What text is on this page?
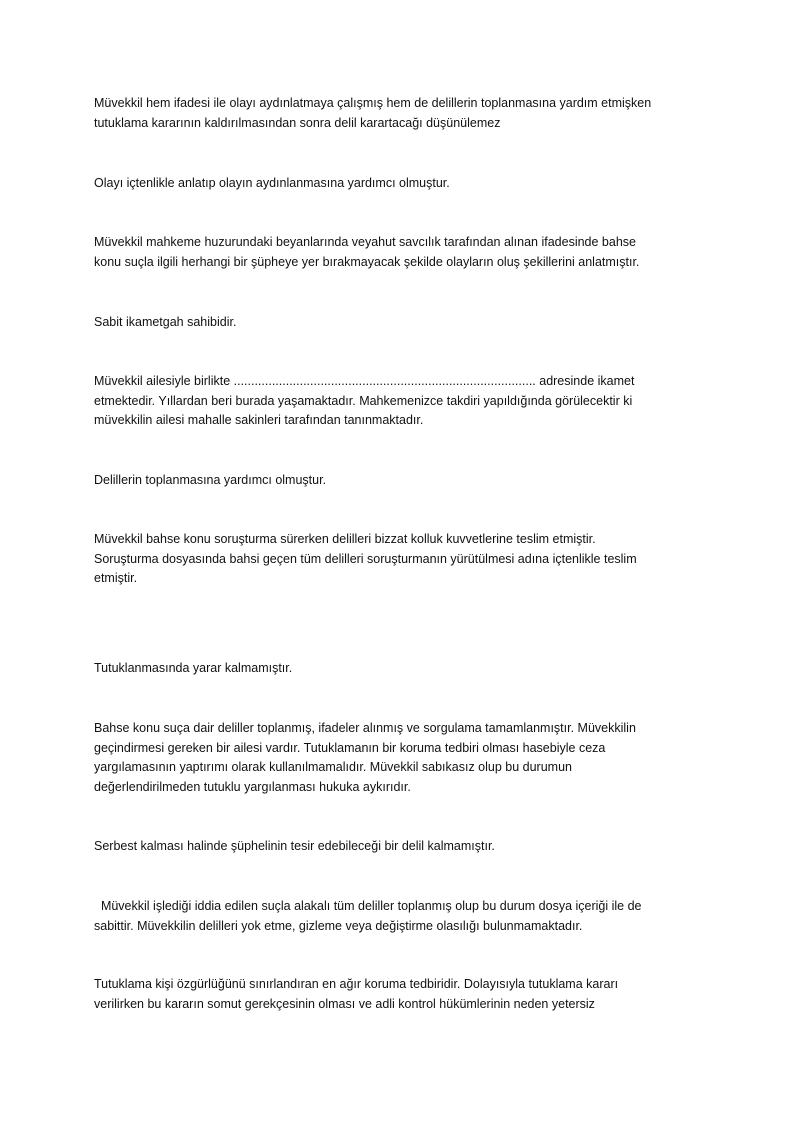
Müvekkil hem ifadesi ile olayı aydınlatmaya çalışmış hem de delillerin toplanmasına yardım etmişken
tutuklama kararının kaldırılmasından sonra delil karartacağı düşünülemez

Olayı içtenlikle anlatıp olayın aydınlanmasına yardımcı olmuştur.

Müvekkil mahkeme huzurundaki beyanlarında veyahut savcılık tarafından alınan ifadesinde bahse
konu suçla ilgili herhangi bir şüpheye yer bırakmayacak şekilde olayların oluş şekillerini anlatmıştır.

Sabit ikametgah sahibidir.

Müvekkil ailesiyle birlikte ....................................................................................... adresinde ikamet
etmektedir. Yıllardan beri burada yaşamaktadır. Mahkemenizce takdiri yapıldığında görülecektir ki
müvekkilin ailesi mahalle sakinleri tarafından tanınmaktadır.

Delillerin toplanmasına yardımcı olmuştur.

Müvekkil bahse konu soruşturma sürerken delilleri bizzat kolluk kuvvetlerine teslim etmiştir.
Soruşturma dosyasında bahsi geçen tüm delilleri soruşturmanın yürütülmesi adına içtenlikle teslim
etmiştir.

Tutuklanmasında yarar kalmamıştır.

Bahse konu suça dair deliller toplanmış, ifadeler alınmış ve sorgulama tamamlanmıştır. Müvekkilin
geçindirmesi gereken bir ailesi vardır. Tutuklamanın bir koruma tedbiri olması hasebiyle ceza
yargılamasının yaptırımı olarak kullanılmamalıdır. Müvekkil sabıkasız olup bu durumun
değerlendirilmeden tutuklu yargılanması hukuka aykırıdır.

Serbest kalması halinde şüphelinin tesir edebileceği bir delil kalmamıştır.

Müvekkil işlediği iddia edilen suçla alakalı tüm deliller toplanmış olup bu durum dosya içeriği ile de
sabittir. Müvekkilin delilleri yok etme, gizleme veya değiştirme olasılığı bulunmamaktadır.

Tutuklama kişi özgürlüğünü sınırlandıran en ağır koruma tedbiridir. Dolayısıyla tutuklama kararı
verilirken bu kararın somut gerekçesinin olması ve adli kontrol hükümlerinin neden yetersiz
